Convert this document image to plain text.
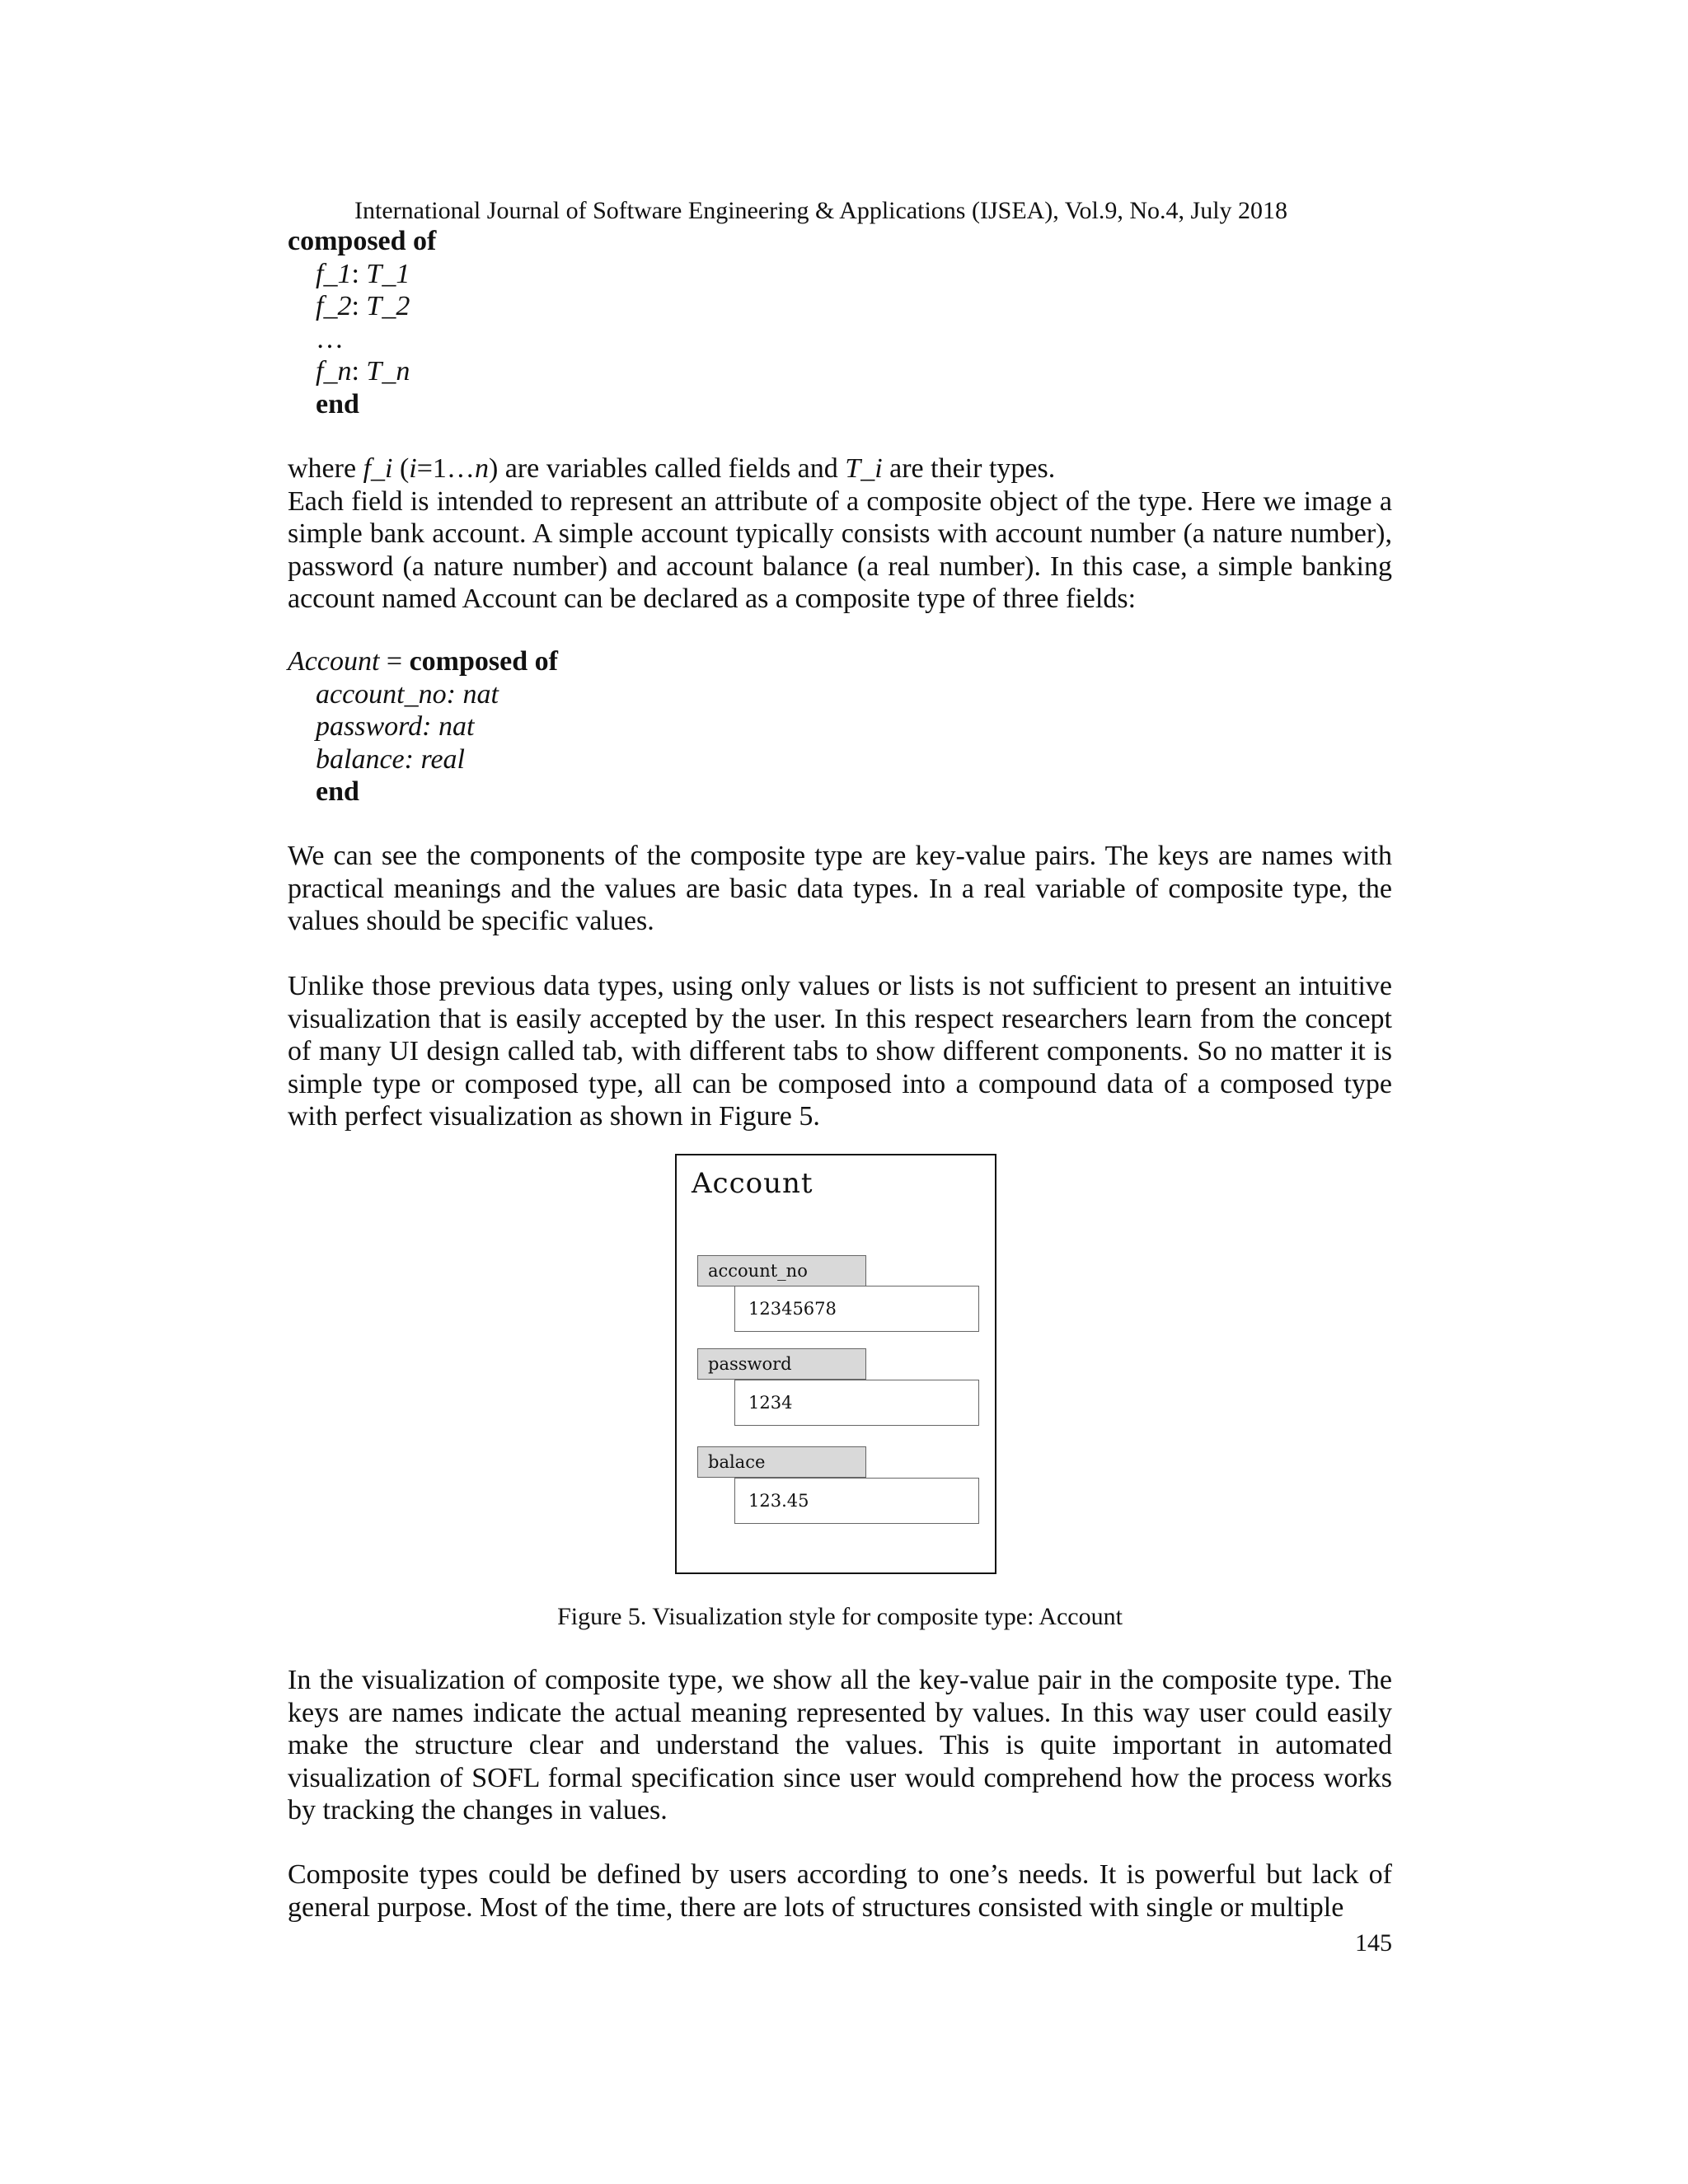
International Journal of Software Engineering & Applications (IJSEA), Vol.9, No.4, July 2018
composed of
f_1: T_1
f_2: T_2
…
f_n: T_n
end
where f_i (i=1…n) are variables called fields and T_i are their types.
Each field is intended to represent an attribute of a composite object of the type. Here we image a simple bank account. A simple account typically consists with account number (a nature number), password (a nature number) and account balance (a real number). In this case, a simple banking account named Account can be declared as a composite type of three fields:
Account = composed of
account_no: nat
password: nat
balance: real
end
We can see the components of the composite type are key-value pairs. The keys are names with practical meanings and the values are basic data types. In a real variable of composite type, the values should be specific values.
Unlike those previous data types, using only values or lists is not sufficient to present an intuitive visualization that is easily accepted by the user. In this respect researchers learn from the concept of many UI design called tab, with different tabs to show different components. So no matter it is simple type or composed type, all can be composed into a compound data of a composed type with perfect visualization as shown in Figure 5.
Account
account_no
12345678
password
1234
balace
123.45
Figure 5. Visualization style for composite type: Account
In the visualization of composite type, we show all the key-value pair in the composite type. The keys are names indicate the actual meaning represented by values. In this way user could easily make the structure clear and understand the values. This is quite important in automated visualization of SOFL formal specification since user would comprehend how the process works by tracking the changes in values.
Composite types could be defined by users according to one’s needs. It is powerful but lack of general purpose. Most of the time, there are lots of structures consisted with single or multiple
145
